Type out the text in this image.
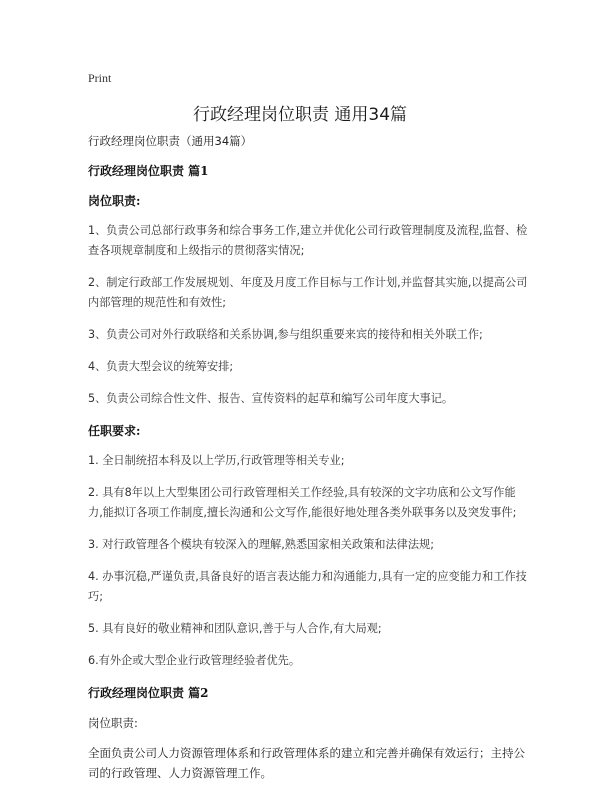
Print
行政经理岗位职责 通用34篇

行政经理岗位职责（通用34篇）

行政经理岗位职责 篇1

岗位职责:

1、负责公司总部行政事务和综合事务工作,建立并优化公司行政管理制度及流程,监督、检查各项规章制度和上级指示的贯彻落实情况;

2、制定行政部工作发展规划、年度及月度工作目标与工作计划,并监督其实施,以提高公司内部管理的规范性和有效性;

3、负责公司对外行政联络和关系协调,参与组织重要来宾的接待和相关外联工作;

4、负责大型会议的统筹安排;

5、负责公司综合性文件、报告、宣传资料的起草和编写公司年度大事记。

任职要求:

1. 全日制统招本科及以上学历,行政管理等相关专业;

2. 具有8年以上大型集团公司行政管理相关工作经验,具有较深的文字功底和公文写作能力,能拟订各项工作制度,擅长沟通和公文写作,能很好地处理各类外联事务以及突发事件;

3. 对行政管理各个模块有较深入的理解,熟悉国家相关政策和法律法规;

4. 办事沉稳,严谨负责,具备良好的语言表达能力和沟通能力,具有一定的应变能力和工作技巧;

5. 具有良好的敬业精神和团队意识,善于与人合作,有大局观;

6.有外企或大型企业行政管理经验者优先。

行政经理岗位职责 篇2

岗位职责:

全面负责公司人力资源管理体系和行政管理体系的建立和完善并确保有效运行；主持公司的行政管理、人力资源管理工作。
